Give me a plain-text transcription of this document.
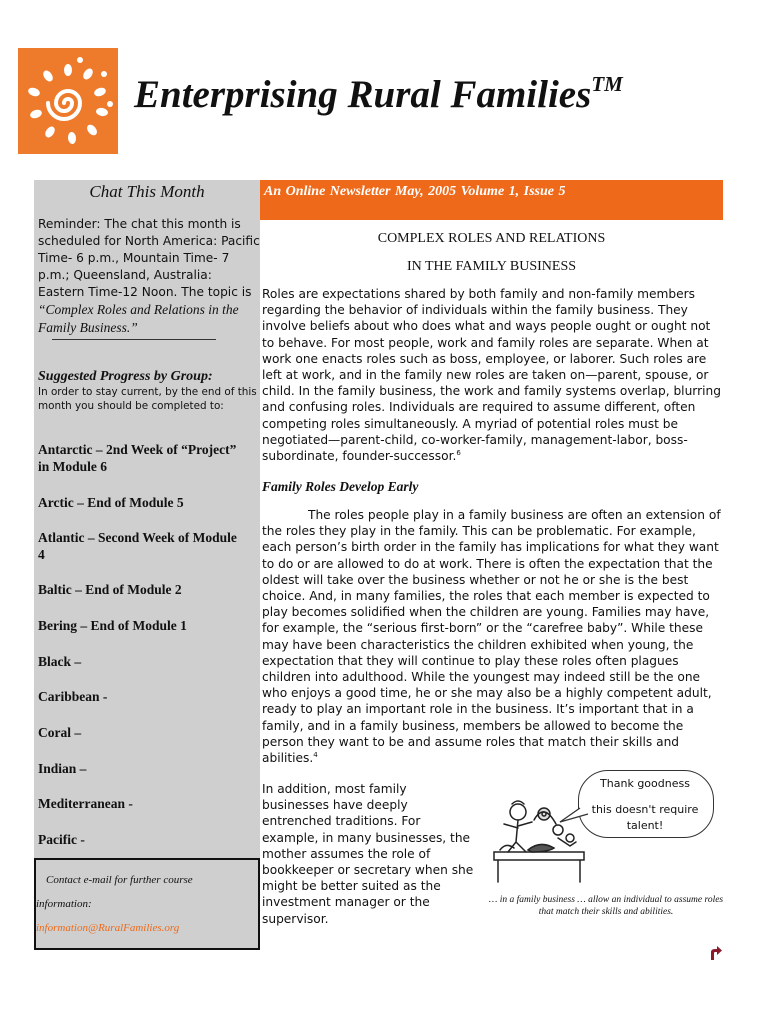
Enterprising Rural Families™
Chat This Month
Reminder: The chat this month is scheduled for North America: Pacific Time- 6 p.m., Mountain Time- 7 p.m.; Queensland, Australia: Eastern Time-12 Noon. The topic is “Complex Roles and Relations in the Family Business.”
Suggested Progress by Group:
In order to stay current, by the end of this month you should be completed to:
Antarctic – 2nd Week of “Project” in Module 6
Arctic – End of Module 5
Atlantic – Second Week of Module 4
Baltic – End of Module 2
Bering – End of Module 1
Black –
Caribbean -
Coral –
Indian –
Mediterranean -
Pacific -
Contact e-mail for further course
information:
information@RuralFamilies.org
An Online Newsletter May, 2005 Volume 1, Issue 5
COMPLEX ROLES AND RELATIONS
IN THE FAMILY BUSINESS
Roles are expectations shared by both family and non-family members regarding the behavior of individuals within the family business. They involve beliefs about who does what and ways people ought or ought not to behave. For most people, work and family roles are separate. When at work one enacts roles such as boss, employee, or laborer. Such roles are left at work, and in the family new roles are taken on—parent, spouse, or child. In the family business, the work and family systems overlap, blurring and confusing roles. Individuals are required to assume different, often competing roles simultaneously. A myriad of potential roles must be negotiated—parent-child, co-worker-family, management-labor, boss-subordinate, founder-successor.$^6$
Family Roles Develop Early
The roles people play in a family business are often an extension of the roles they play in the family. This can be problematic. For example, each person’s birth order in the family has implications for what they want to do or are allowed to do at work. There is often the expectation that the oldest will take over the business whether or not he or she is the best choice. And, in many families, the roles that each member is expected to play becomes solidified when the children are young. Families may have, for example, the “serious first-born” or the “carefree baby”. While these may have been characteristics the children exhibited when young, the expectation that they will continue to play these roles often plagues children into adulthood. While the youngest may indeed still be the one who enjoys a good time, he or she may also be a highly competent adult, ready to play an important role in the business. It’s important that in a family, and in a family business, members be allowed to become the person they want to be and assume roles that match their skills and abilities.$^4$
In addition, most family businesses have deeply entrenched traditions. For example, in many businesses, the mother assumes the role of bookkeeper or secretary when she might be better suited as the investment manager or the supervisor.
Thank goodness
this doesn't require talent!
… in a family business … allow an individual to assume roles that match their skills and abilities.
